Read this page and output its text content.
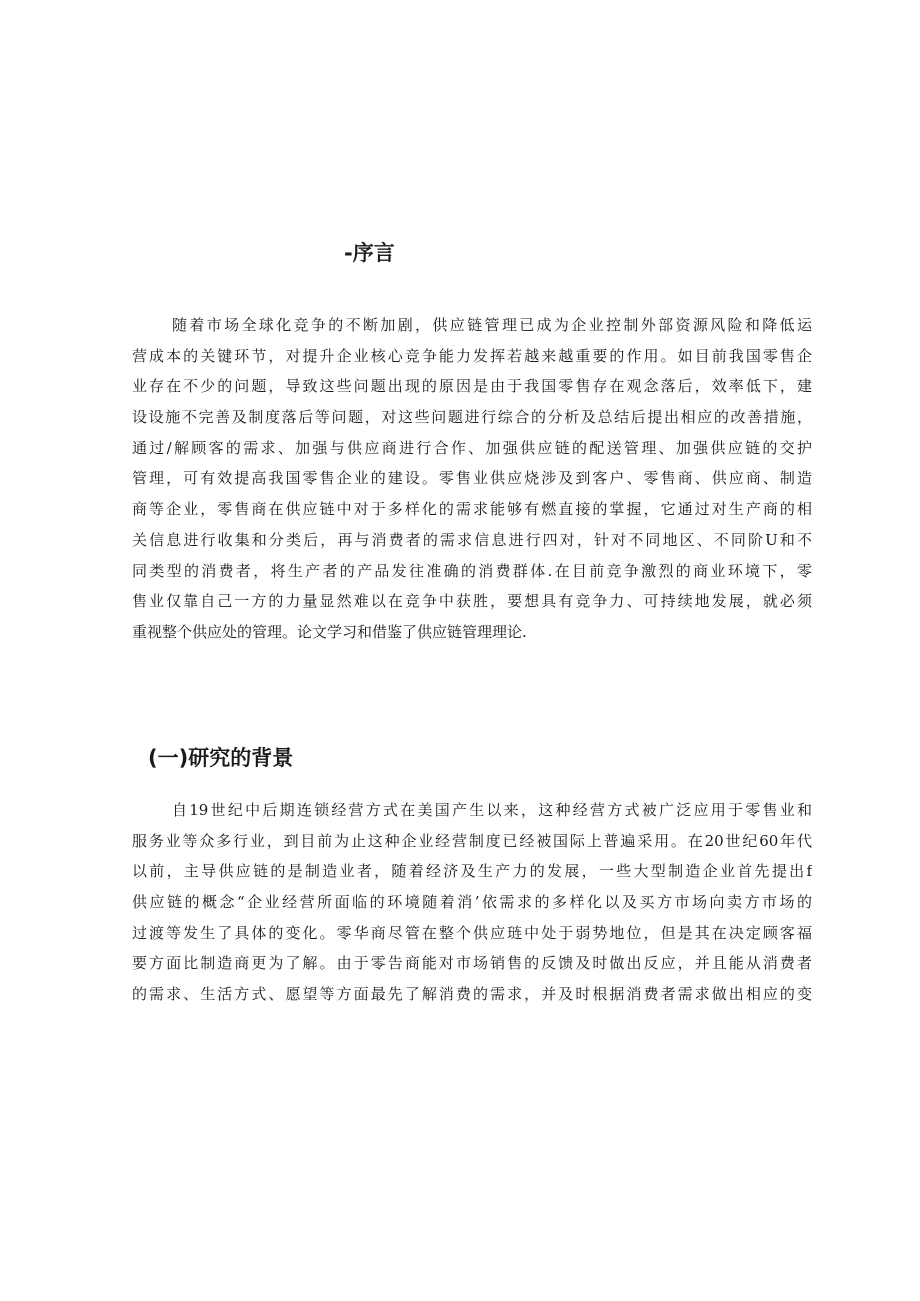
-序言
随着市场全球化竞争的不断加剧，供应链管理已成为企业控制外部资源风险和降低运
营成本的关键环节，对提升企业核心竞争能力发挥若越来越重要的作用。如目前我国零售企
业存在不少的问题，导致这些问题出现的原因是由于我国零售存在观念落后，效率低下，建
设设施不完善及制度落后等问题，对这些问题进行综合的分析及总结后提出相应的改善措施，
通过/解顾客的需求、加强与供应商进行合作、加强供应链的配送管理、加强供应链的交护
管理，可有效提高我国零售企业的建设。零售业供应烧涉及到客户、零售商、供应商、制造
商等企业，零售商在供应链中对于多样化的需求能够有燃直接的掌握，它通过对生产商的相
关信息进行收集和分类后，再与消费者的需求信息进行四对，针对不同地区、不同阶U和不
同类型的消费者，将生产者的产品发往准确的消费群体.在目前竞争激烈的商业环境下，零
售业仅靠自己一方的力量显然难以在竞争中获胜，要想具有竞争力、可持续地发展，就必须
重视整个供应处的管理。论文学习和借鉴了供应链管理理论.
(一)研究的背景
自19世纪中后期连锁经营方式在美国产生以来，这种经营方式被广泛应用于零售业和
服务业等众多行业，到目前为止这种企业经营制度已经被国际上普遍采用。在20世纪60年代
以前，主导供应链的是制造业者，随着经济及生产力的发展，一些大型制造企业首先提出f
供应链的概念“企业经营所面临的环境随着消’依需求的多样化以及买方市场向卖方市场的
过渡等发生了具体的变化。零华商尽管在整个供应琏中处于弱势地位，但是其在决定顾客福
要方面比制造商更为了解。由于零告商能对市场销售的反馈及时做出反应，并且能从消费者
的需求、生活方式、愿望等方面最先了解消费的需求，并及时根据消费者需求做出相应的变
